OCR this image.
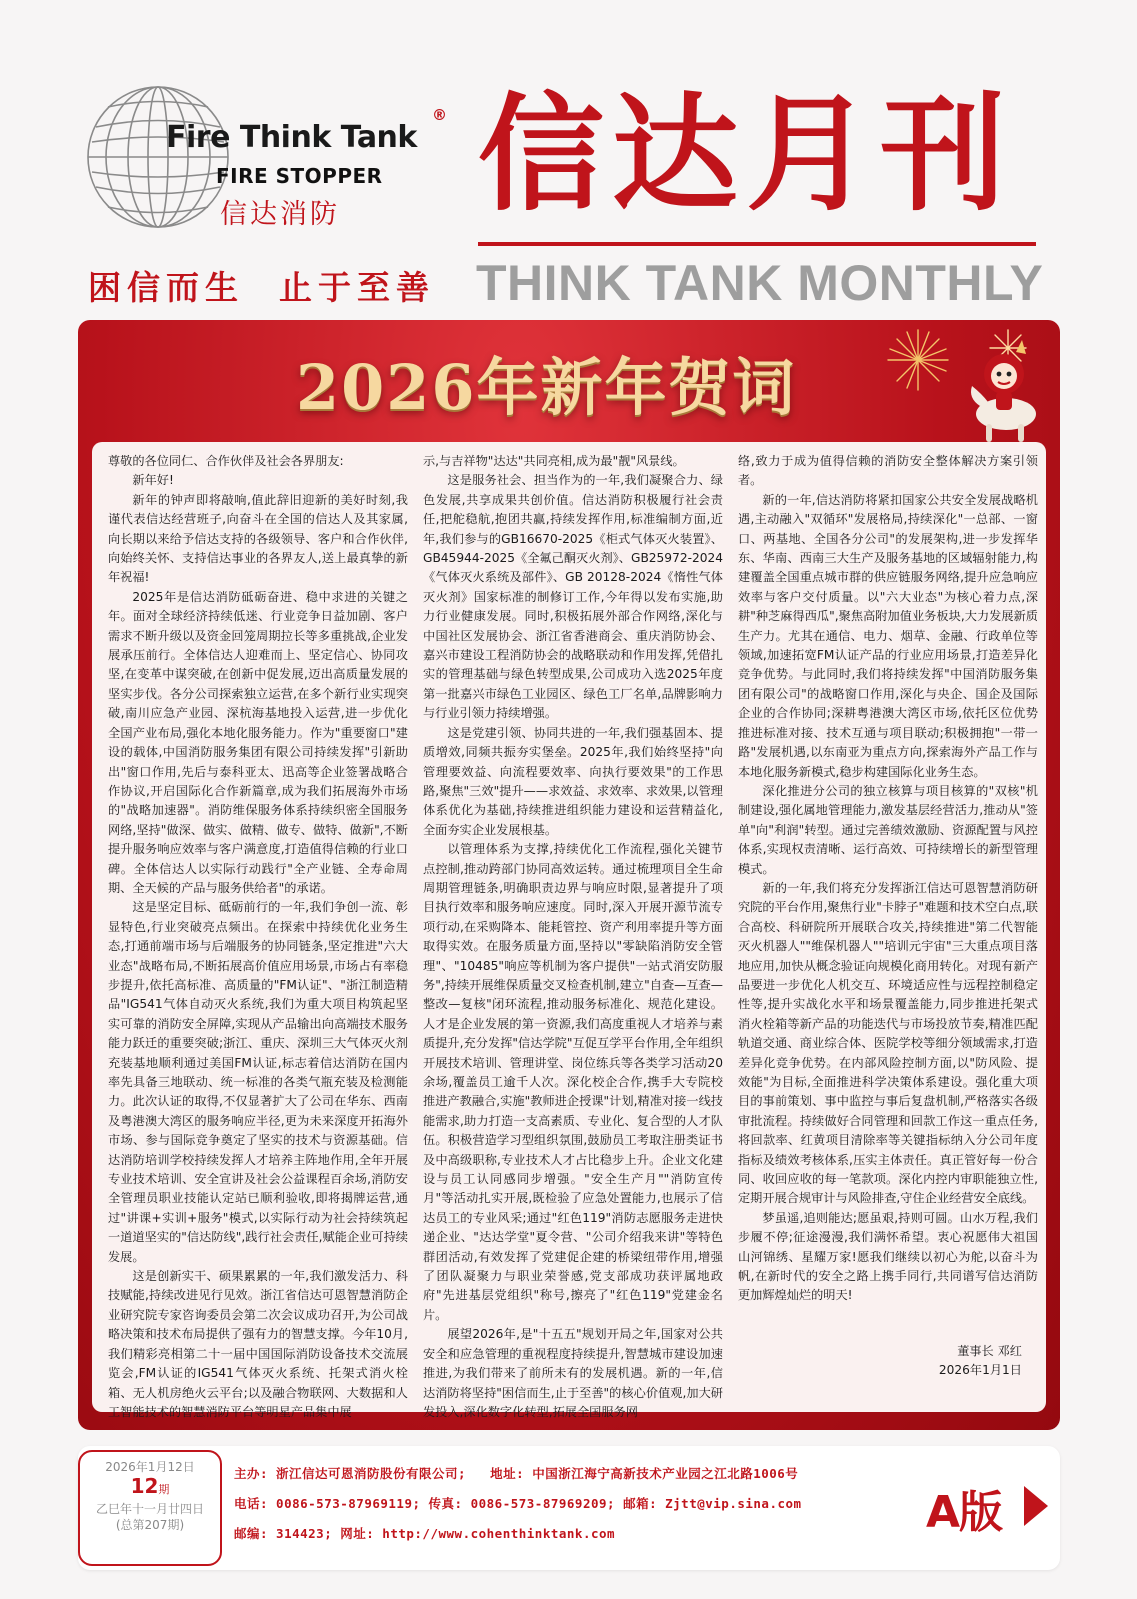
Fire Think Tank
®
FIRE STOPPER
信达消防 信达月刊
困信而生  止于至善 THINK TANK MONTHLY
2026年新年贺词

尊敬的各位同仁、合作伙伴及社会各界朋友:

新年好!

新年的钟声即将敲响,值此辞旧迎新的美好时刻,我谨代表信达经营班子,向奋斗在全国的信达人及其家属,向长期以来给予信达支持的各级领导、客户和合作伙伴,向始终关怀、支持信达事业的各界友人,送上最真挚的新年祝福!

2025年是信达消防砥砺奋进、稳中求进的关键之年。面对全球经济持续低迷、行业竞争日益加剧、客户需求不断升级以及资金回笼周期拉长等多重挑战,企业发展承压前行。全体信达人迎难而上、坚定信心、协同攻坚,在变革中谋突破,在创新中促发展,迈出高质量发展的坚实步伐。各分公司探索独立运营,在多个新行业实现突破,南川应急产业园、深杭海基地投入运营,进一步优化全国产业布局,强化本地化服务能力。作为"重要窗口"建设的载体,中国消防服务集团有限公司持续发挥"引新助出"窗口作用,先后与泰科亚太、迅高等企业签署战略合作协议,开启国际化合作新篇章,成为我们拓展海外市场的"战略加速器"。消防维保服务体系持续织密全国服务网络,坚持"做深、做实、做精、做专、做特、做新",不断提升服务响应效率与客户满意度,打造值得信赖的行业口碑。全体信达人以实际行动践行"全产业链、全寿命周期、全天候的产品与服务供给者"的承诺。

这是坚定目标、砥砺前行的一年,我们争创一流、彰显特色,行业突破亮点频出。在探索中持续优化业务生态,打通前端市场与后端服务的协同链条,坚定推进"六大业态"战略布局,不断拓展高价值应用场景,市场占有率稳步提升,依托高标准、高质量的"FM认证"、"浙江制造精品"IG541气体自动灭火系统,我们为重大项目构筑起坚实可靠的消防安全屏障,实现从产品输出向高端技术服务能力跃迁的重要突破;浙江、重庆、深圳三大气体灭火剂充装基地顺利通过美国FM认证,标志着信达消防在国内率先具备三地联动、统一标准的各类气瓶充装及检测能力。此次认证的取得,不仅显著扩大了公司在华东、西南及粤港澳大湾区的服务响应半径,更为未来深度开拓海外市场、参与国际竞争奠定了坚实的技术与资源基础。信达消防培训学校持续发挥人才培养主阵地作用,全年开展专业技术培训、安全宣讲及社会公益课程百余场,消防安全管理员职业技能认定站已顺利验收,即将揭牌运营,通过"讲课+实训+服务"模式,以实际行动为社会持续筑起一道道坚实的"信达防线",践行社会责任,赋能企业可持续发展。

这是创新实干、硕果累累的一年,我们激发活力、科技赋能,持续改进见行见效。浙江省信达可恩智慧消防企业研究院专家咨询委员会第二次会议成功召开,为公司战略决策和技术布局提供了强有力的智慧支撑。今年10月,我们精彩亮相第二十一届中国国际消防设备技术交流展览会,FM认证的IG541气体灭火系统、托架式消火栓箱、无人机房绝火云平台;以及融合物联网、大数据和人工智能技术的智慧消防平台等明星产品集中展

示,与吉祥物"达达"共同亮相,成为最"靓"风景线。

这是服务社会、担当作为的一年,我们凝聚合力、绿色发展,共享成果共创价值。信达消防积极履行社会责任,把舵稳航,抱团共赢,持续发挥作用,标准编制方面,近年,我们参与的GB16670-2025《柜式气体灭火装置》、GB45944-2025《全氟己酮灭火剂》、GB25972-2024《气体灭火系统及部件》、GB 20128-2024《惰性气体灭火剂》国家标准的制修订工作,今年得以发布实施,助力行业健康发展。同时,积极拓展外部合作网络,深化与中国社区发展协会、浙江省香港商会、重庆消防协会、嘉兴市建设工程消防协会的战略联动和作用发挥,凭借扎实的管理基础与绿色转型成果,公司成功入选2025年度第一批嘉兴市绿色工业园区、绿色工厂名单,品牌影响力与行业引领力持续增强。

这是党建引领、协同共进的一年,我们强基固本、提质增效,同频共振夯实堡垒。2025年,我们始终坚持"向管理要效益、向流程要效率、向执行要效果"的工作思路,聚焦"三效"提升——求效益、求效率、求效果,以管理体系优化为基础,持续推进组织能力建设和运营精益化,全面夯实企业发展根基。

以管理体系为支撑,持续优化工作流程,强化关键节点控制,推动跨部门协同高效运转。通过梳理项目全生命周期管理链条,明确职责边界与响应时限,显著提升了项目执行效率和服务响应速度。同时,深入开展开源节流专项行动,在采购降本、能耗管控、资产利用率提升等方面取得实效。在服务质量方面,坚持以"零缺陷消防安全管理"、"10485"响应等机制为客户提供"一站式消安防服务",持续开展维保质量交叉检查机制,建立"自查—互查—整改—复核"闭环流程,推动服务标准化、规范化建设。人才是企业发展的第一资源,我们高度重视人才培养与素质提升,充分发挥"信达学院"互促互学平台作用,全年组织开展技术培训、管理讲堂、岗位练兵等各类学习活动20余场,覆盖员工逾千人次。深化校企合作,携手大专院校推进产教融合,实施"教师进企授课"计划,精准对接一线技能需求,助力打造一支高素质、专业化、复合型的人才队伍。积极营造学习型组织氛围,鼓励员工考取注册类证书及中高级职称,专业技术人才占比稳步上升。企业文化建设与员工认同感同步增强。"安全生产月""消防宣传月"等活动扎实开展,既检验了应急处置能力,也展示了信达员工的专业风采;通过"红色119"消防志愿服务走进快递企业、"达达学堂"夏令营、"公司介绍我来讲"等特色群团活动,有效发挥了党建促企建的桥梁纽带作用,增强了团队凝聚力与职业荣誉感,党支部成功获评属地政府"先进基层党组织"称号,擦亮了"红色119"党建金名片。

展望2026年,是"十五五"规划开局之年,国家对公共安全和应急管理的重视程度持续提升,智慧城市建设加速推进,为我们带来了前所未有的发展机遇。新的一年,信达消防将坚持"困信而生,止于至善"的核心价值观,加大研发投入,深化数字化转型,拓展全国服务网

络,致力于成为值得信赖的消防安全整体解决方案引领者。

新的一年,信达消防将紧扣国家公共安全发展战略机遇,主动融入"双循环"发展格局,持续深化"一总部、一窗口、两基地、全国各分公司"的发展架构,进一步发挥华东、华南、西南三大生产及服务基地的区域辐射能力,构建覆盖全国重点城市群的供应链服务网络,提升应急响应效率与客户交付质量。以"六大业态"为核心着力点,深耕"种芝麻得西瓜",聚焦高附加值业务板块,大力发展新质生产力。尤其在通信、电力、烟草、金融、行政单位等领域,加速拓宽FM认证产品的行业应用场景,打造差异化竞争优势。与此同时,我们将持续发挥"中国消防服务集团有限公司"的战略窗口作用,深化与央企、国企及国际企业的合作协同;深耕粤港澳大湾区市场,依托区位优势推进标准对接、技术互通与项目联动;积极拥抱"一带一路"发展机遇,以东南亚为重点方向,探索海外产品工作与本地化服务新模式,稳步构建国际化业务生态。

深化推进分公司的独立核算与项目核算的"双核"机制建设,强化属地管理能力,激发基层经营活力,推动从"签单"向"利润"转型。通过完善绩效激励、资源配置与风控体系,实现权责清晰、运行高效、可持续增长的新型管理模式。

新的一年,我们将充分发挥浙江信达可恩智慧消防研究院的平台作用,聚焦行业"卡脖子"难题和技术空白点,联合高校、科研院所开展联合攻关,持续推进"第二代智能灭火机器人""维保机器人""培训元宇宙"三大重点项目落地应用,加快从概念验证向规模化商用转化。对现有新产品要进一步优化人机交互、环境适应性与远程控制稳定性等,提升实战化水平和场景覆盖能力,同步推进托架式消火栓箱等新产品的功能迭代与市场投放节奏,精准匹配轨道交通、商业综合体、医院学校等细分领域需求,打造差异化竞争优势。在内部风险控制方面,以"防风险、提效能"为目标,全面推进科学决策体系建设。强化重大项目的事前策划、事中监控与事后复盘机制,严格落实各级审批流程。持续做好合同管理和回款工作这一重点任务,将回款率、红黄项目清除率等关键指标纳入分公司年度指标及绩效考核体系,压实主体责任。真正管好每一份合同、收回应收的每一笔款项。深化内控内审职能独立性,定期开展合规审计与风险排查,守住企业经营安全底线。

梦虽遥,追则能达;愿虽艰,持则可圆。山水万程,我们步履不停;征途漫漫,我们满怀希望。衷心祝愿伟大祖国山河锦绣、星耀万家!愿我们继续以初心为舵,以奋斗为帆,在新时代的安全之路上携手同行,共同谱写信达消防更加辉煌灿烂的明天!

董事长 邓红
2026年1月1日
2026年1月12日
12期
乙巳年十一月廿四日
(总第207期)
主办: 浙江信达可恩消防股份有限公司;   地址: 中国浙江海宁高新技术产业园之江北路1006号
电话: 0086-573-87969119; 传真: 0086-573-87969209; 邮箱: Zjtt@vip.sina.com
邮编: 314423; 网址: http://www.cohenthinktank.com	A版
